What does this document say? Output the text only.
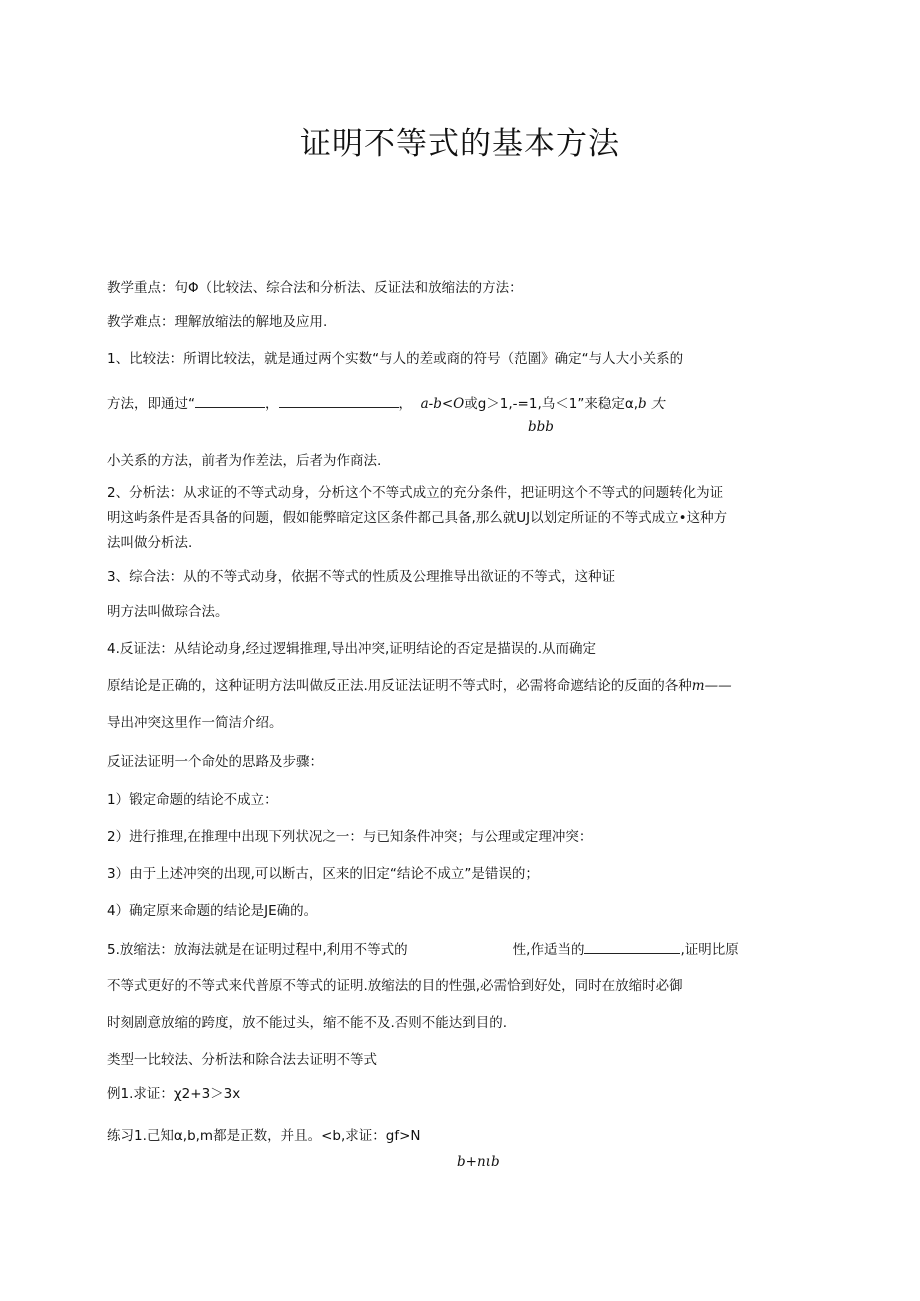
证明不等式的基本方法
教学重点：句Φ（比较法、综合法和分析法、反证法和放缩法的方法：
教学难点：理解放缩法的解地及应用.
1、比较法：所谓比较法，就是通过两个实数“与人的差或商的符号（范圍》确定“与人大小关系的
方法，即通过“	，	， a-b<O或g＞1,-=1,乌＜1”来稳定α,b 大
bbb
小关系的方法，前者为作差法，后者为作商法.
2、分析法：从求证的不等式动身，分析这个不等式成立的充分条件，把证明这个不等式的问题转化为证
明这屿条件是否具备的问题，假如能弊暗定这区条件都己具备,那么就UJ以划定所证的不等式成立•这种方
法叫做分析法.
3、综合法：从的不等式动身，依据不等式的性质及公理推导出欲证的不等式，这种证
明方法叫做琮合法。
4.反证法：从结论动身,经过逻辑推理,导出冲突,证明结论的否定是描误的.从而确定
原结论是正确的，这种证明方法叫做反正法.用反证法证明不等式时，必需将命遮结论的反面的各种m——
导出冲突这里作一简洁介绍。
反证法证明一个命处的思路及步骤：
1）锻定命题的结论不成立：
2）进行推理,在推理中出现下列状况之一：与已知条件冲突；与公理或定理冲突：
3）由于上述冲突的出现,可以断古，区来的旧定“结论不成立”是错误的；
4）确定原来命题的结论是JE确的。
5.放缩法：放海法就是在证明过程中,利用不等式的	性,作适当的	,证明比原
不等式更好的不等式来代普原不等式的证明.放缩法的目的性强,必需恰到好处，同时在放缩时必御
时刻剧意放缩的跨度，放不能过头，缩不能不及.否则不能达到目的.
类型一比较法、分析法和除合法去证明不等式
例1.求证：χ2+3＞3x
练习1.己知α,b,m都是正数，并且。<b,求证：gf>N
b+nιb
